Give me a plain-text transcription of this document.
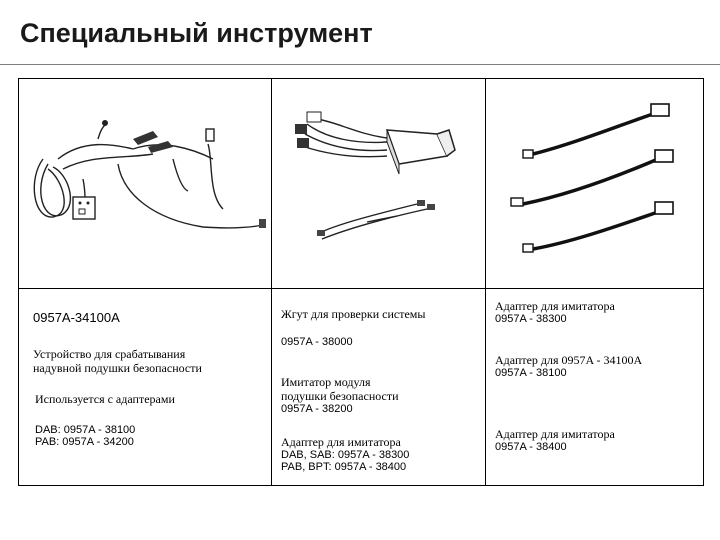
Специальный инструмент
0957A-34100A
Устройство для срабатывания
надувной подушки безопасности
Используется с адаптерами
DAB: 0957A - 38100
PAB: 0957A - 34200
Жгут для проверки системы
0957A - 38000
Имитатор модуля
подушки безопасности
0957A - 38200
Адаптер для имитатора
DAB, SAB: 0957A - 38300
PAB, BPT: 0957A - 38400
Адаптер для имитатора
0957A - 38300
Адаптер для 0957A - 34100A
0957A - 38100
Адаптер для имитатора
0957A - 38400
